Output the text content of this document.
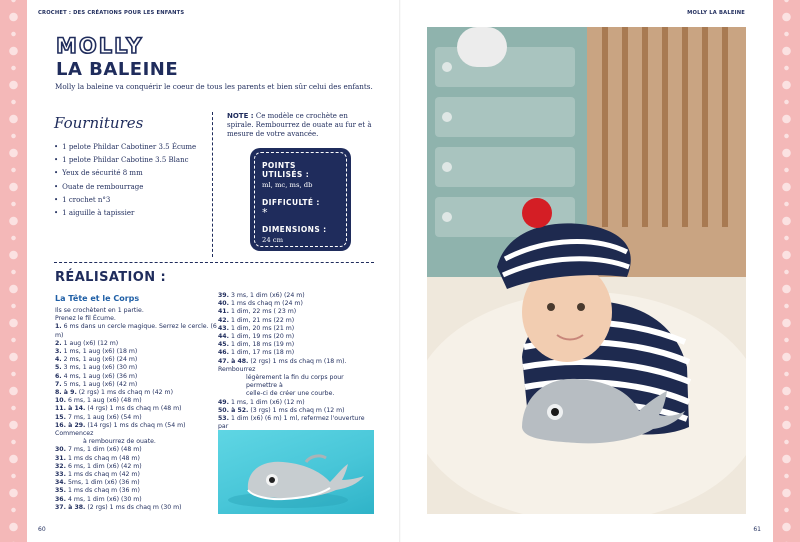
CROCHET : DES CRÉATIONS POUR LES ENFANTS	MOLLY LA BALEINE
MOLLY
LA BALEINE
Molly la baleine va conquérir le coeur de tous les parents et bien sûr celui des enfants.
Fournitures
• 1 pelote Phildar Cabotiner 3.5 Écume
• 1 pelote Phildar Cabotine 3.5 Blanc
• Yeux de sécurité 8 mm
• Ouate de rembourrage
• 1 crochet n°3
• 1 aiguille à tapissier
NOTE : Ce modèle ce crochète en spirale. Rembourrez de ouate au fur et à mesure de votre avancée.
POINTS UTILISÉS :
ml, mc, ms, db
DIFFICULTÉ :
*
DIMENSIONS :
24 cm
RÉALISATION :
La Tête et le Corps
Ils se crochètent en 1 partie.
Prenez le fil Écume.
1. 6 ms dans un cercle magique. Serrez le cercle. (6 m)
2. 1 aug (x6) (12 m)
3. 1 ms, 1 aug (x6) (18 m)
4. 2 ms, 1 aug (x6) (24 m)
5. 3 ms, 1 aug (x6) (30 m)
6. 4 ms, 1 aug (x6) (36 m)
7. 5 ms, 1 aug (x6) (42 m)
8. à 9. (2 rgs) 1 ms ds chaq m (42 m)
10. 6 ms, 1 aug (x6) (48 m)
11. à 14. (4 rgs) 1 ms ds chaq m (48 m)
15. 7 ms, 1 aug (x6) (54 m)
16. à 29. (14 rgs) 1 ms ds chaq m (54 m) Commencez
à rembourrez de ouate.
30. 7 ms, 1 dim (x6) (48 m)
31. 1 ms ds chaq m (48 m)
32. 6 ms, 1 dim (x6) (42 m)
33. 1 ms ds chaq m (42 m)
34. 5ms, 1 dim (x6) (36 m)
35. 1 ms ds chaq m (36 m)
36. 4 ms, 1 dim (x6) (30 m)
37. à 38. (2 rgs) 1 ms ds chaq m (30 m)
39. 3 ms, 1 dim (x6) (24 m)
40. 1 ms ds chaq m (24 m)
41. 1 dim, 22 ms ( 23 m)
42. 1 dim, 21 ms (22 m)
43. 1 dim, 20 ms (21 m)
44. 1 dim, 19 ms (20 m)
45. 1 dim, 18 ms (19 m)
46. 1 dim, 17 ms (18 m)
47. à 48. (2 rgs) 1 ms ds chaq m (18 m). Rembourrez
légèrement la fin du corps pour permettre à
celle-ci de créer une courbe.
49. 1 ms, 1 dim (x6) (12 m)
50. à 52. (3 rgs) 1 ms ds chaq m (12 m)
53. 1 dim (x6) (6 m) 1 ml, refermez l'ouverture par
60	61
